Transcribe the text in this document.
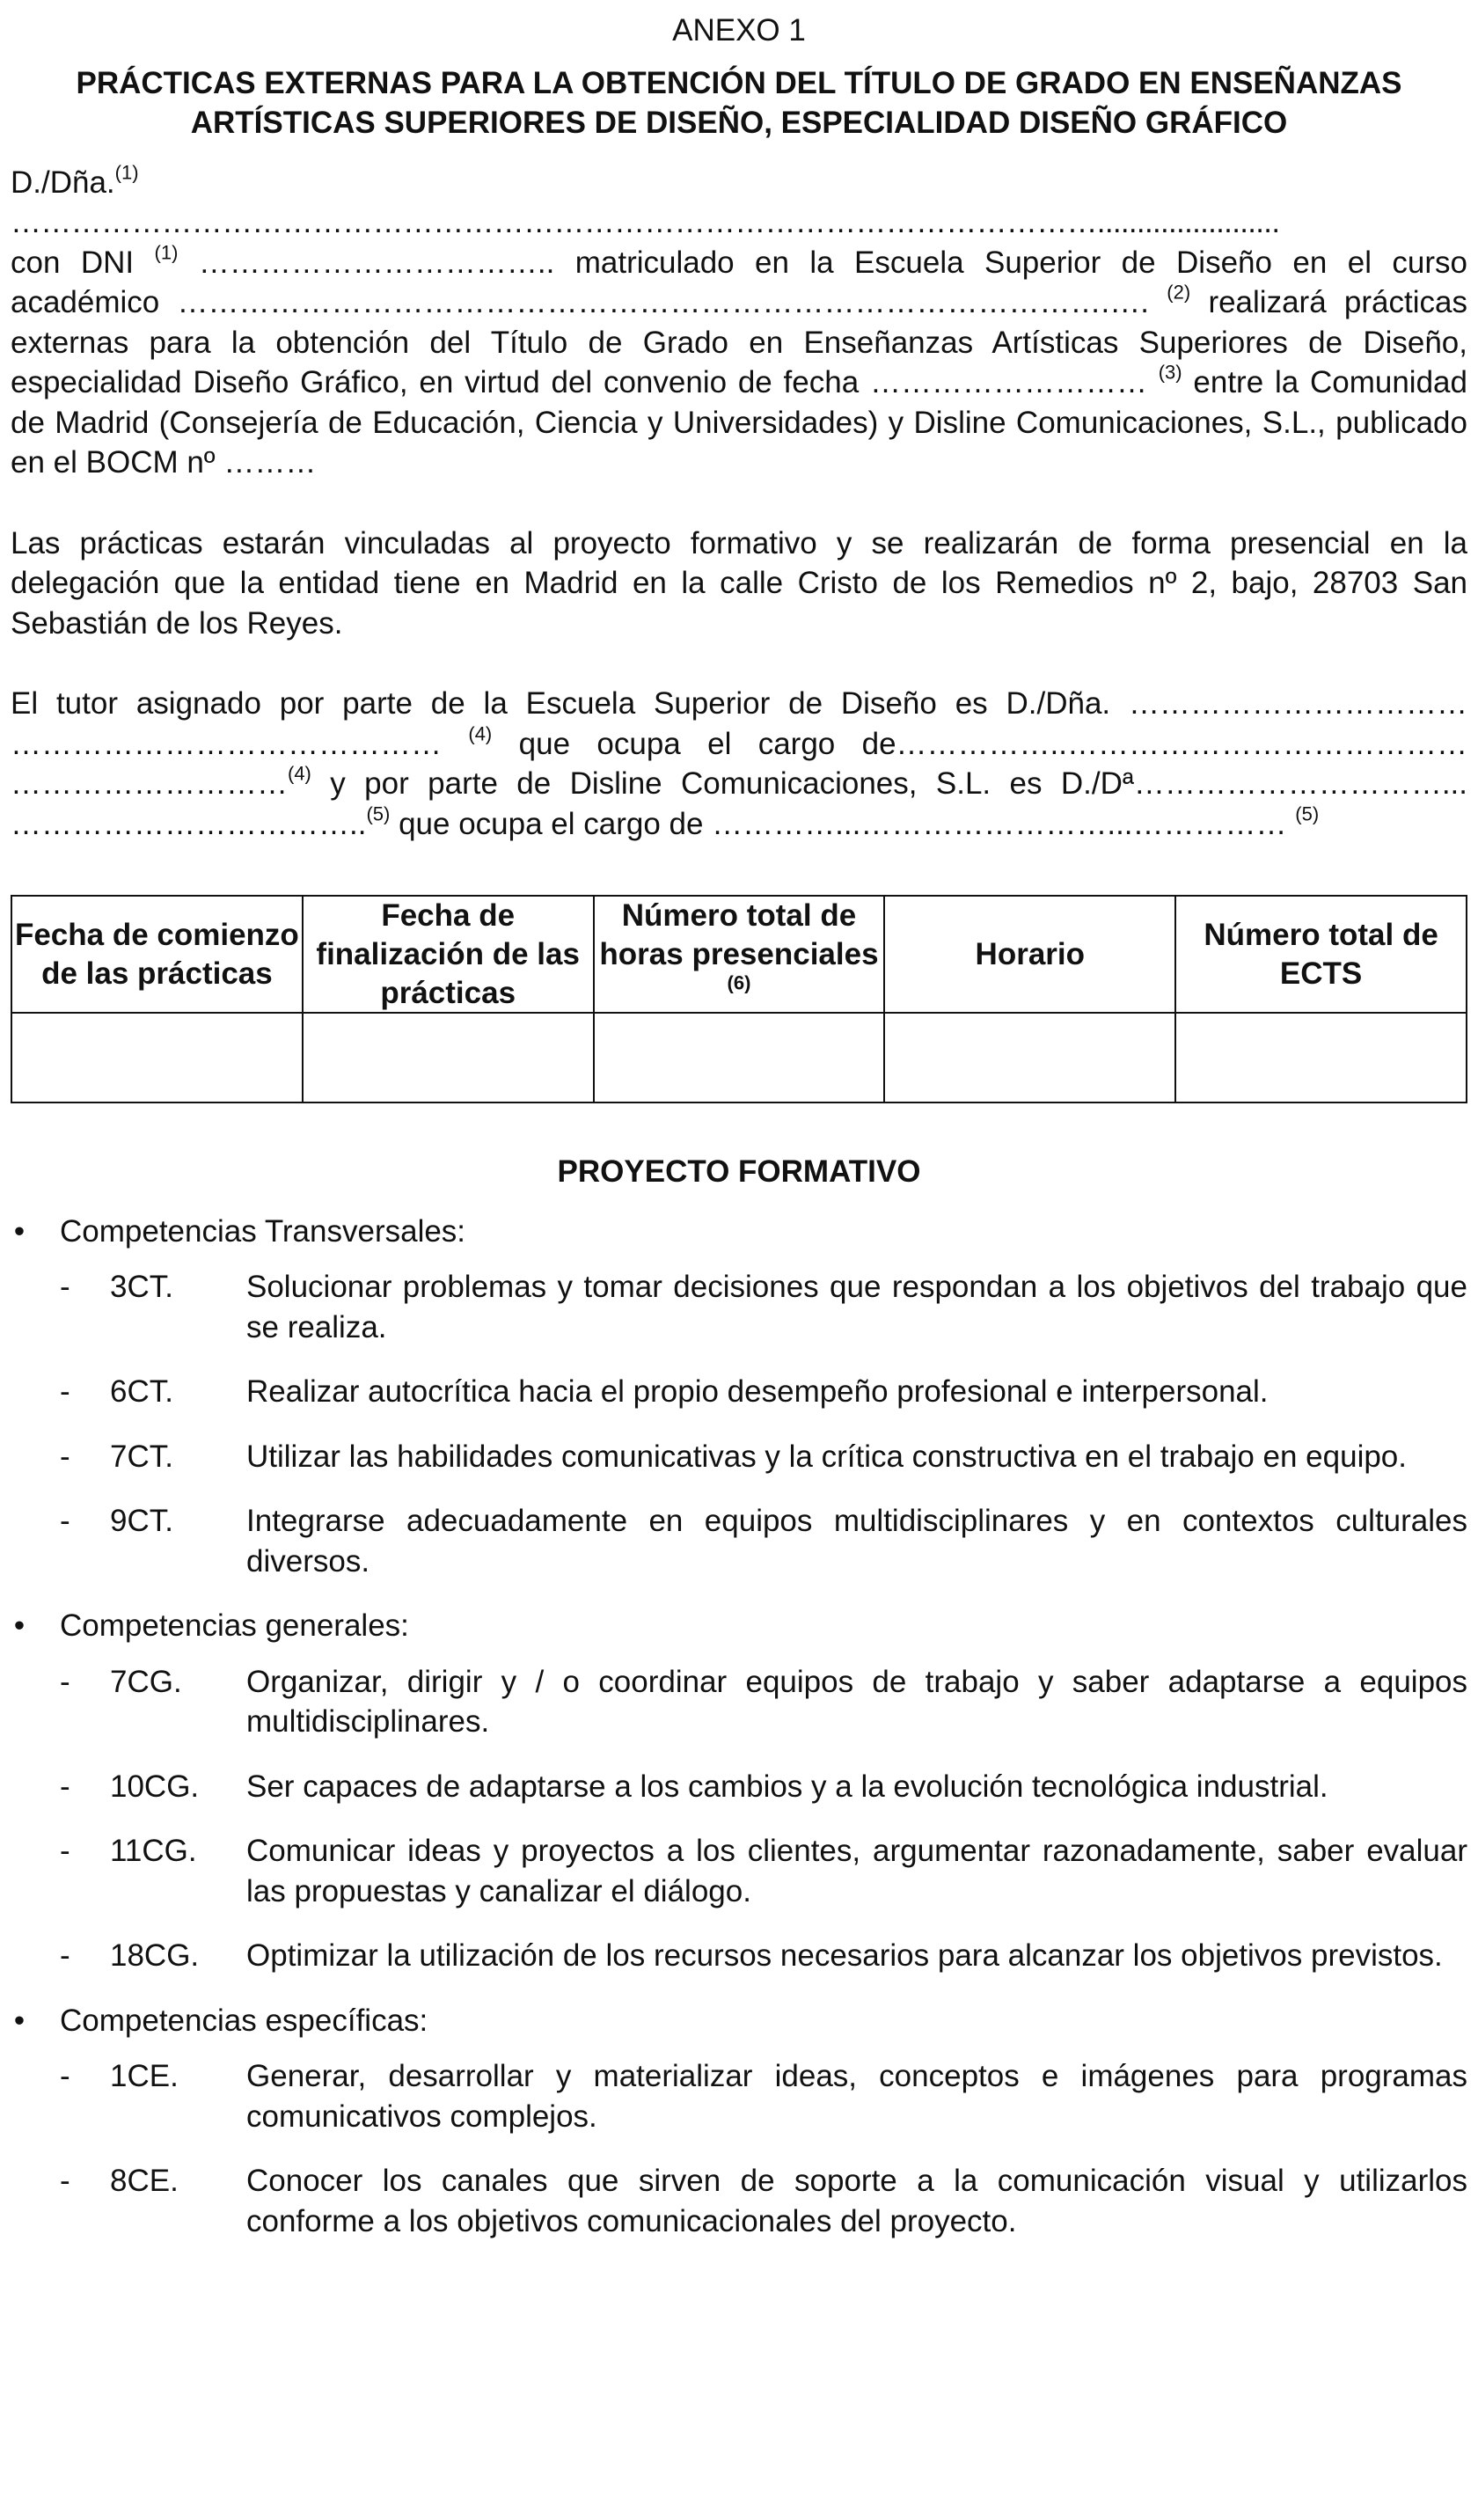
ANEXO 1
PRÁCTICAS EXTERNAS PARA LA OBTENCIÓN DEL TÍTULO DE GRADO EN ENSEÑANZAS
ARTÍSTICAS SUPERIORES DE DISEÑO, ESPECIALIDAD DISEÑO GRÁFICO

D./Dña.$^{(1)}$

……………………………………………………………………………………………….......................

con DNI $^{(1)}$ …………………………….. matriculado en la Escuela Superior de Diseño en el curso académico ……………………………………………………………………………….…. $^{(2)}$ realizará prácticas externas para la obtención del Título de Grado en Enseñanzas Artísticas Superiores de Diseño, especialidad Diseño Gráfico, en virtud del convenio de fecha ……………………… $^{(3)}$ entre la Comunidad de Madrid (Consejería de Educación, Ciencia y Universidades) y Disline Comunicaciones, S.L., publicado en el BOCM nº ………

Las prácticas estarán vinculadas al proyecto formativo y se realizarán de forma presencial en la delegación que la entidad tiene en Madrid en la calle Cristo de los Remedios nº 2, bajo, 28703 San Sebastián de los Reyes.

El tutor asignado por parte de la Escuela Superior de Diseño es D./Dña. …………………………… …………………………………… $^{(4)}$ que ocupa el cargo de……………..………………………………… ………………………$^{(4)}$ y por parte de Disline Comunicaciones, S.L. es D./Dª…………………………... ……………………………..$^{(5)}$ que ocupa el cargo de …………...……………………...…………… $^{(5)}$

Fecha de comienzo de las prácticas	Fecha de finalización de las prácticas	Número total de horas presenciales $^{(6)}$	Horario	Número total de ECTS

PROYECTO FORMATIVO
• Competencias Transversales:
- 3CT. Solucionar problemas y tomar decisiones que respondan a los objetivos del trabajo que se realiza.
- 6CT. Realizar autocrítica hacia el propio desempeño profesional e interpersonal.
- 7CT. Utilizar las habilidades comunicativas y la crítica constructiva en el trabajo en equipo.
- 9CT. Integrarse adecuadamente en equipos multidisciplinares y en contextos culturales diversos.
• Competencias generales:
- 7CG. Organizar, dirigir y / o coordinar equipos de trabajo y saber adaptarse a equipos multidisciplinares.
- 10CG. Ser capaces de adaptarse a los cambios y a la evolución tecnológica industrial.
- 11CG. Comunicar ideas y proyectos a los clientes, argumentar razonadamente, saber evaluar las propuestas y canalizar el diálogo.
- 18CG. Optimizar la utilización de los recursos necesarios para alcanzar los objetivos previstos.
• Competencias específicas:
- 1CE. Generar, desarrollar y materializar ideas, conceptos e imágenes para programas comunicativos complejos.
- 8CE. Conocer los canales que sirven de soporte a la comunicación visual y utilizarlos conforme a los objetivos comunicacionales del proyecto.
